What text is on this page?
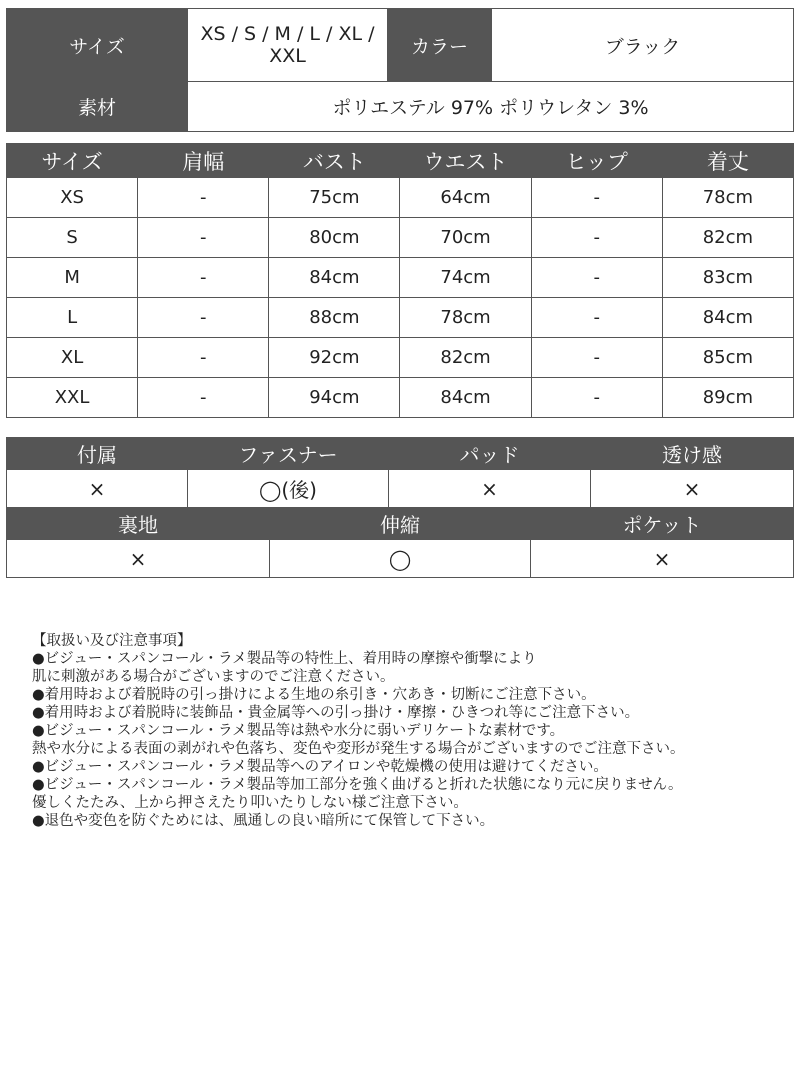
サイズ	XS / S / M / L / XL / XXL	カラー	ブラック
素材	ポリエステル 97% ポリウレタン 3%		
サイズ	肩幅	バスト	ウエスト	ヒップ	着丈
XS	-	75cm	64cm	-	78cm
S	-	80cm	70cm	-	82cm
M	-	84cm	74cm	-	83cm
L	-	88cm	78cm	-	84cm
XL	-	92cm	82cm	-	85cm
XXL	-	94cm	84cm	-	89cm
付属	ファスナー		パッド		透け感
×	◯(後)		×		×
裏地		伸縮		ポケット	
×		◯		×	
【取扱い及び注意事項】
●ビジュー・スパンコール・ラメ製品等の特性上、着用時の摩擦や衝撃により
肌に刺激がある場合がございますのでご注意ください。
●着用時および着脱時の引っ掛けによる生地の糸引き・穴あき・切断にご注意下さい。
●着用時および着脱時に装飾品・貴金属等への引っ掛け・摩擦・ひきつれ等にご注意下さい。
●ビジュー・スパンコール・ラメ製品等は熱や水分に弱いデリケートな素材です。
熱や水分による表面の剥がれや色落ち、変色や変形が発生する場合がございますのでご注意下さい。
●ビジュー・スパンコール・ラメ製品等へのアイロンや乾燥機の使用は避けてください。
●ビジュー・スパンコール・ラメ製品等加工部分を強く曲げると折れた状態になり元に戻りません。
優しくたたみ、上から押さえたり叩いたりしない様ご注意下さい。
●退色や変色を防ぐためには、風通しの良い暗所にて保管して下さい。
